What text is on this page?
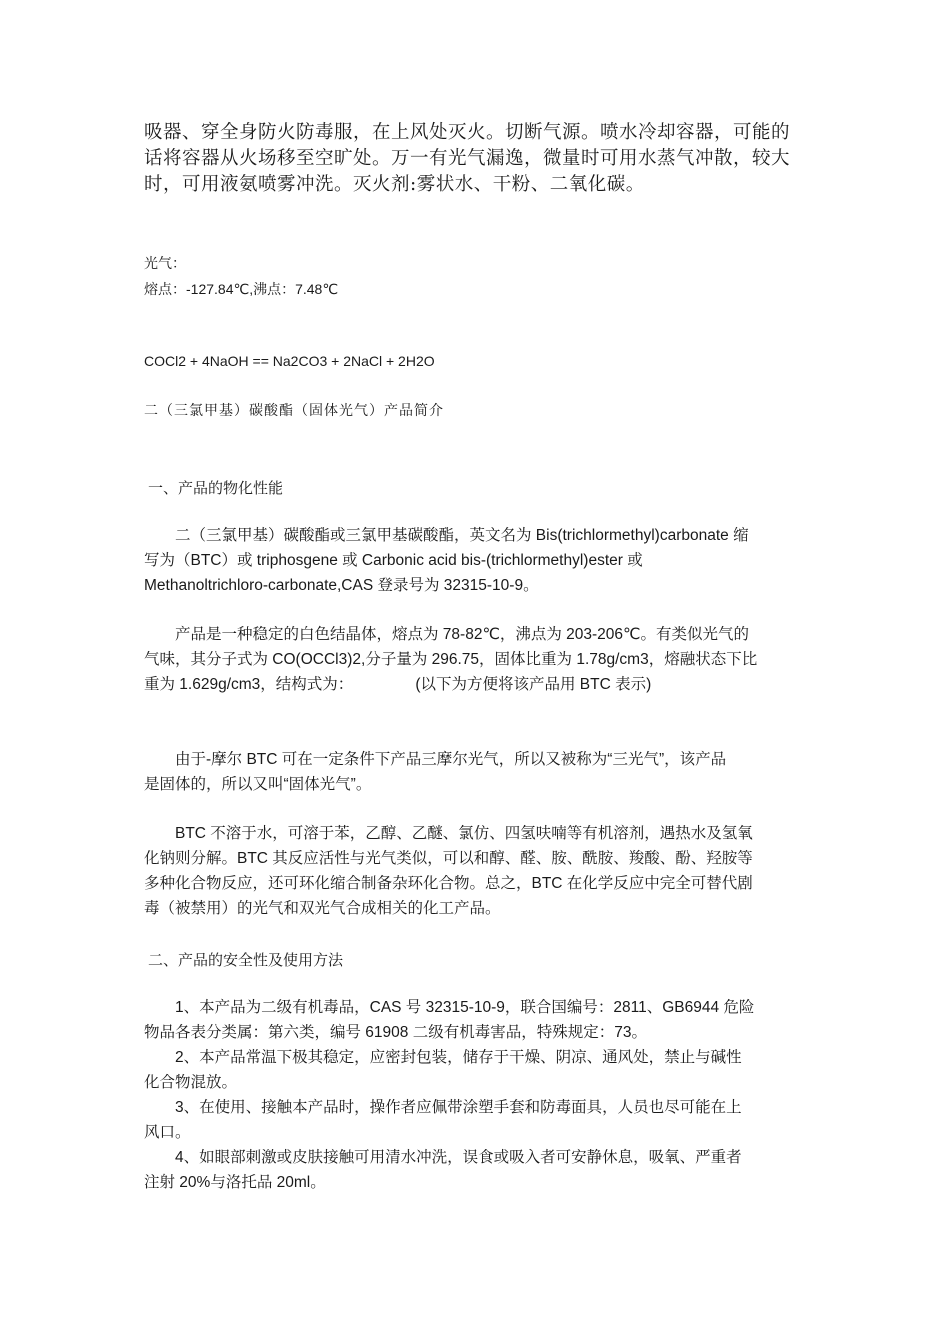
吸器、穿全身防火防毒服，在上风处灭火。切断气源。喷水冷却容器，可能的
话将容器从火场移至空旷处。万一有光气漏逸，微量时可用水蒸气冲散，较大
时，可用液氨喷雾冲洗。灭火剂:雾状水、干粉、二氧化碳。
光气：
熔点：-127.84℃,沸点：7.48℃
COCl2 + 4NaOH == Na2CO3 + 2NaCl + 2H2O
二（三氯甲基）碳酸酯（固体光气）产品简介
一、产品的物化性能
二（三氯甲基）碳酸酯或三氯甲基碳酸酯，英文名为 Bis(trichlormethyl)carbonate 缩
写为（BTC）或 triphosgene 或 Carbonic acid bis-(trichlormethyl)ester 或
Methanoltrichloro-carbonate,CAS 登录号为 32315-10-9。
产品是一种稳定的白色结晶体，熔点为 78-82℃，沸点为 203-206℃。有类似光气的
气味，其分子式为 CO(OCCl3)2,分子量为 296.75，固体比重为 1.78g/cm3，熔融状态下比
重为 1.629g/cm3，结构式为：	(以下为方便将该产品用 BTC 表示)
由于-摩尔 BTC 可在一定条件下产品三摩尔光气，所以又被称为“三光气”，该产品
是固体的，所以又叫“固体光气”。
BTC 不溶于水，可溶于苯，乙醇、乙醚、氯仿、四氢呋喃等有机溶剂，遇热水及氢氧
化钠则分解。BTC 其反应活性与光气类似，可以和醇、醛、胺、酰胺、羧酸、酚、羟胺等
多种化合物反应，还可环化缩合制备杂环化合物。总之，BTC 在化学反应中完全可替代剧
毒（被禁用）的光气和双光气合成相关的化工产品。
二、产品的安全性及使用方法
1、本产品为二级有机毒品，CAS 号 32315-10-9，联合国编号：2811、GB6944 危险
物品各表分类属：第六类，编号 61908 二级有机毒害品，特殊规定：73。
2、本产品常温下极其稳定，应密封包装，储存于干燥、阴凉、通风处，禁止与碱性
化合物混放。
3、在使用、接触本产品时，操作者应佩带涂塑手套和防毒面具，人员也尽可能在上
风口。
4、如眼部刺激或皮肤接触可用清水冲洗，误食或吸入者可安静休息，吸氧、严重者
注射 20%与洛托品 20ml。
